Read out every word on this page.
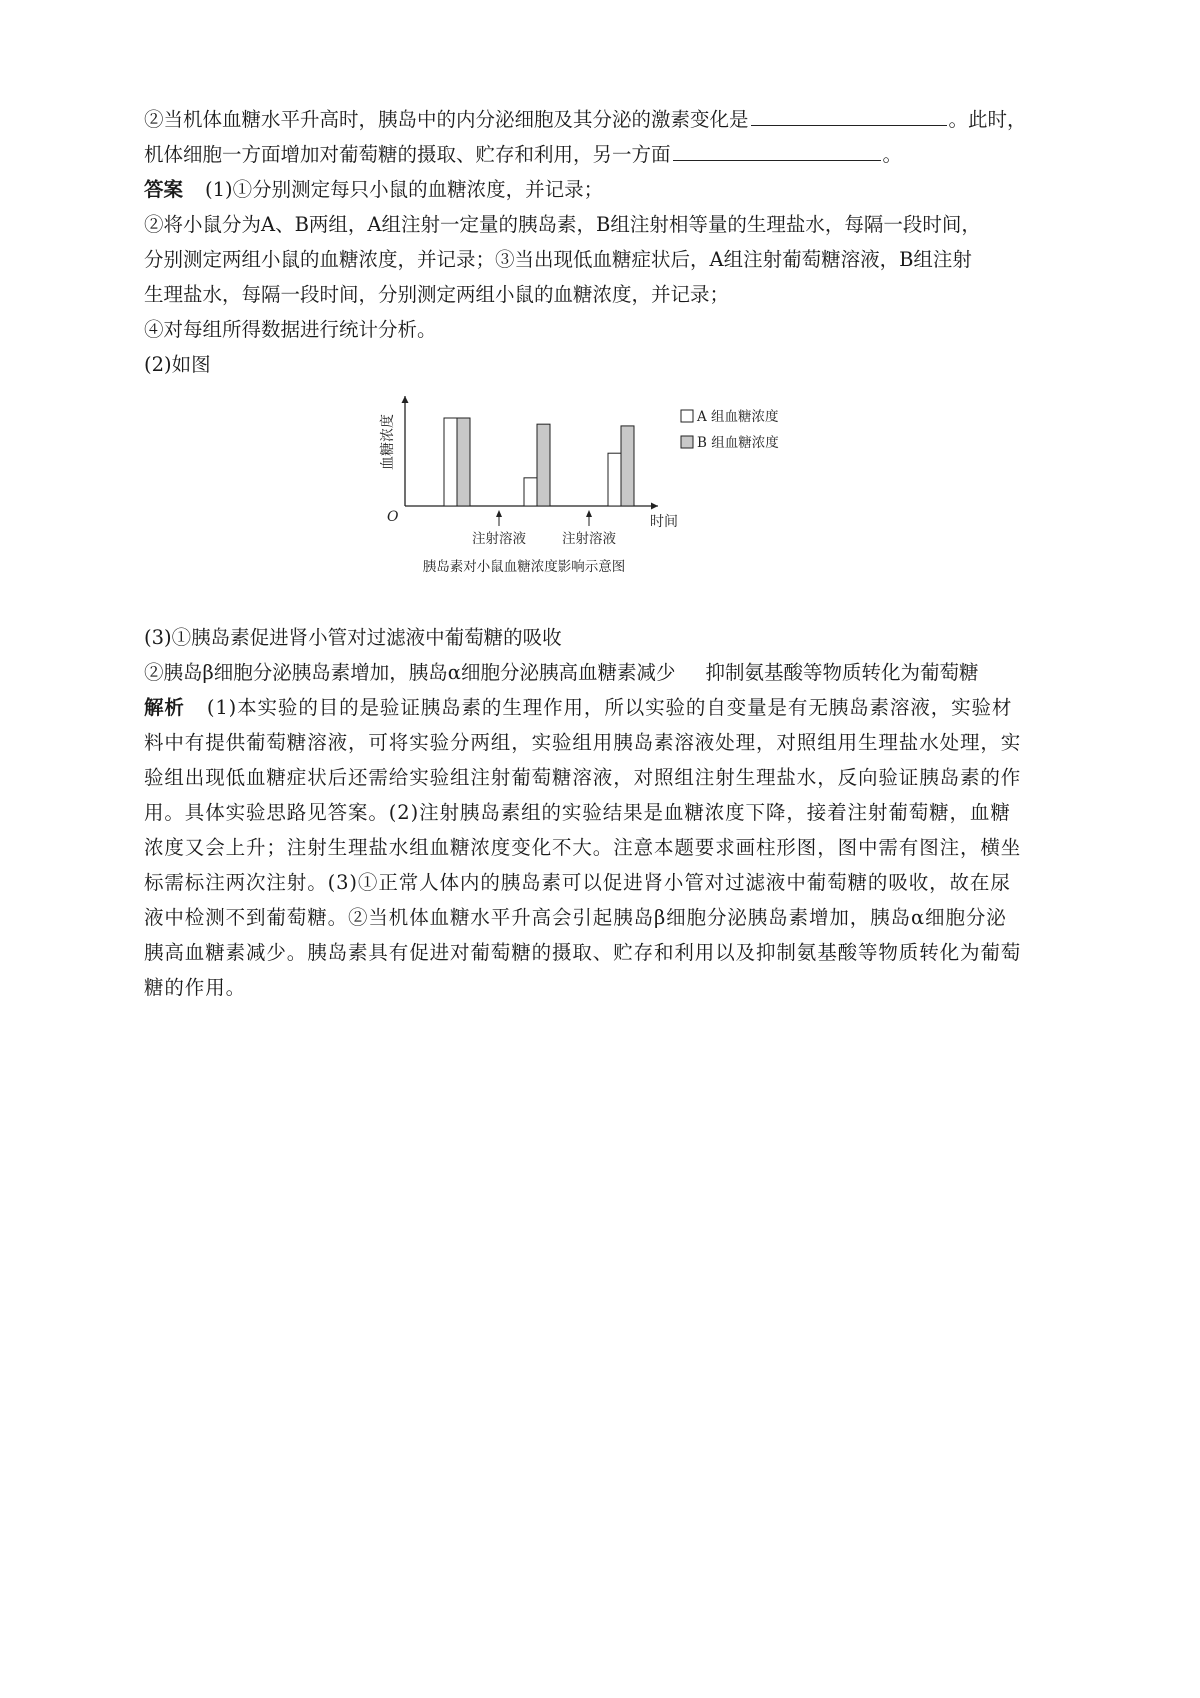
②当机体血糖水平升高时，胰岛中的内分泌细胞及其分泌的激素变化是	。此时，

机体细胞一方面增加对葡萄糖的摄取、贮存和利用，另一方面	。

答案 (1)①分别测定每只小鼠的血糖浓度，并记录；

②将小鼠分为A、B两组，A组注射一定量的胰岛素，B组注射相等量的生理盐水，每隔一段时间，

分别测定两组小鼠的血糖浓度，并记录；③当出现低血糖症状后，A组注射葡萄糖溶液，B组注射

生理盐水，每隔一段时间，分别测定两组小鼠的血糖浓度，并记录；

④对每组所得数据进行统计分析。

(2)如图

血糖浓度
O	时间
注射溶液	注射溶液
A 组血糖浓度
B 组血糖浓度
胰岛素对小鼠血糖浓度影响示意图

(3)①胰岛素促进肾小管对过滤液中葡萄糖的吸收

②胰岛β细胞分泌胰岛素增加，胰岛α细胞分泌胰高血糖素减少 抑制氨基酸等物质转化为葡萄糖

解析 (1)本实验的目的是验证胰岛素的生理作用，所以实验的自变量是有无胰岛素溶液，实验材

料中有提供葡萄糖溶液，可将实验分两组，实验组用胰岛素溶液处理，对照组用生理盐水处理，实

验组出现低血糖症状后还需给实验组注射葡萄糖溶液，对照组注射生理盐水，反向验证胰岛素的作

用。具体实验思路见答案。(2)注射胰岛素组的实验结果是血糖浓度下降，接着注射葡萄糖，血糖

浓度又会上升；注射生理盐水组血糖浓度变化不大。注意本题要求画柱形图，图中需有图注，横坐

标需标注两次注射。(3)①正常人体内的胰岛素可以促进肾小管对过滤液中葡萄糖的吸收，故在尿

液中检测不到葡萄糖。②当机体血糖水平升高会引起胰岛β细胞分泌胰岛素增加，胰岛α细胞分泌

胰高血糖素减少。胰岛素具有促进对葡萄糖的摄取、贮存和利用以及抑制氨基酸等物质转化为葡萄

糖的作用。
